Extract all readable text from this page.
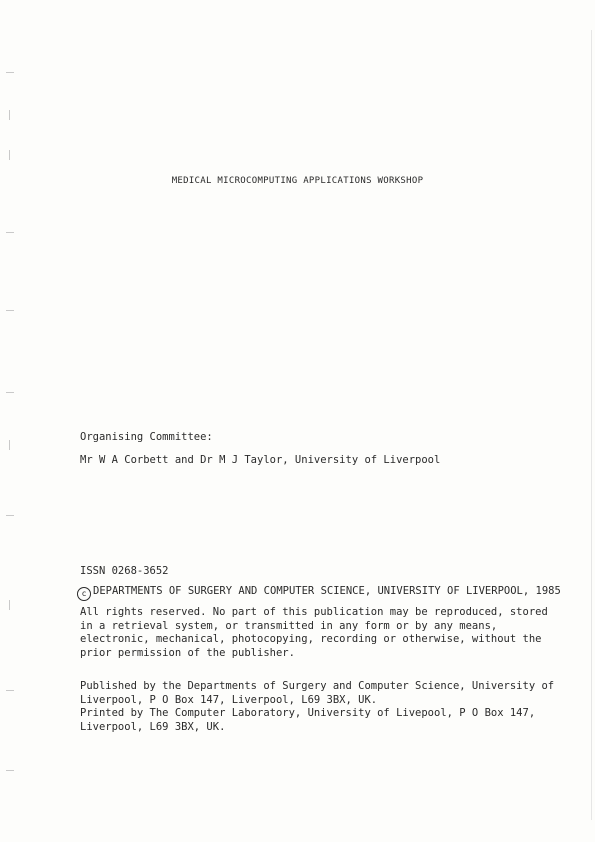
MEDICAL MICROCOMPUTING APPLICATIONS WORKSHOP
Organising Committee:
Mr W A Corbett and Dr M J Taylor, University of Liverpool
ISSN 0268-3652
c DEPARTMENTS OF SURGERY AND COMPUTER SCIENCE, UNIVERSITY OF LIVERPOOL, 1985
All rights reserved. No part of this publication may be reproduced, stored
in a retrieval system, or transmitted in any form or by any means,
electronic, mechanical, photocopying, recording or otherwise, without the
prior permission of the publisher.
Published by the Departments of Surgery and Computer Science, University of
Liverpool, P O Box 147, Liverpool, L69 3BX, UK.
Printed by The Computer Laboratory, University of Livepool, P O Box 147,
Liverpool, L69 3BX, UK.
